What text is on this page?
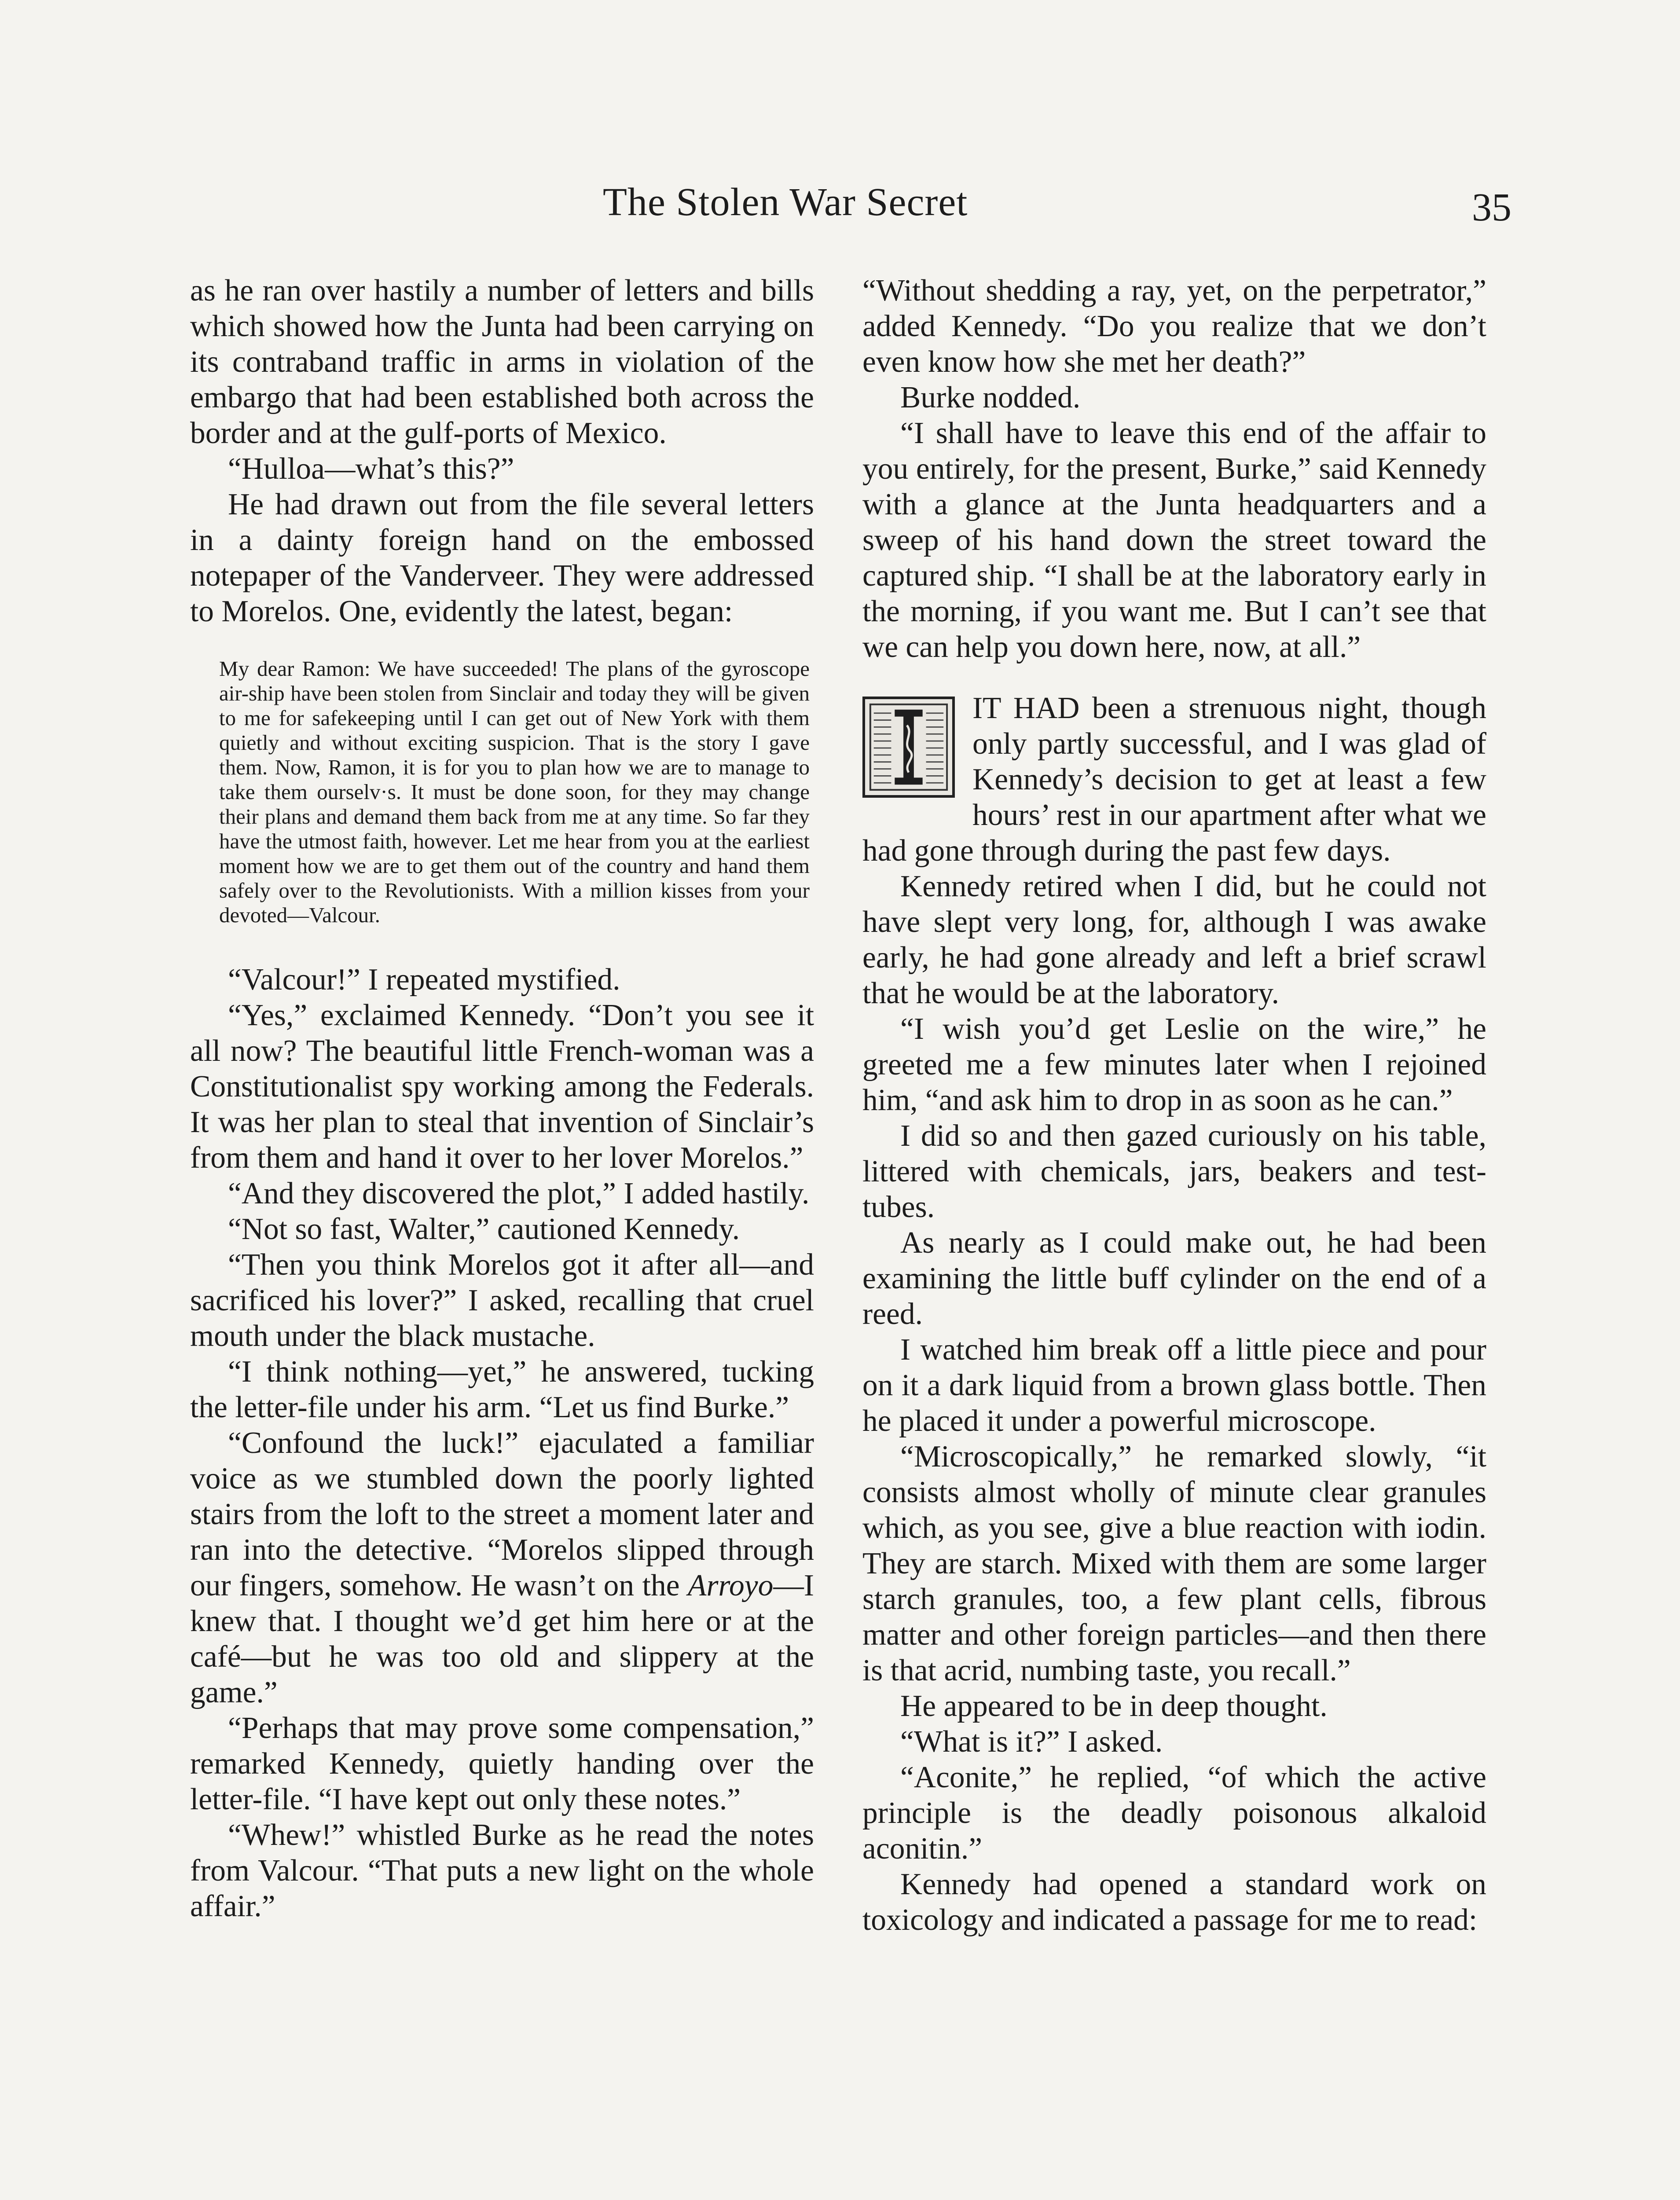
The Stolen War Secret	35

as he ran over hastily a number of letters and bills which showed how the Junta had been carrying on its contraband traffic in arms in violation of the embargo that had been established both across the border and at the gulf-ports of Mexico.

“Hulloa—what’s this?”

He had drawn out from the file several letters in a dainty foreign hand on the embossed notepaper of the Vanderveer. They were addressed to Morelos. One, evidently the latest, began:

My dear Ramon: We have succeeded! The plans of the gyroscope air-ship have been stolen from Sinclair and today they will be given to me for safekeeping until I can get out of New York with them quietly and without exciting suspicion. That is the story I gave them. Now, Ramon, it is for you to plan how we are to manage to take them ourselv·s. It must be done soon, for they may change their plans and demand them back from me at any time. So far they have the utmost faith, however. Let me hear from you at the earliest moment how we are to get them out of the country and hand them safely over to the Revolutionists. With a million kisses from your devoted—Valcour.

“Valcour!” I repeated mystified.

“Yes,” exclaimed Kennedy. “Don’t you see it all now? The beautiful little French-woman was a Constitutionalist spy working among the Federals. It was her plan to steal that invention of Sinclair’s from them and hand it over to her lover Morelos.”

“And they discovered the plot,” I added hastily.

“Not so fast, Walter,” cautioned Kennedy.

“Then you think Morelos got it after all—and sacrificed his lover?” I asked, recalling that cruel mouth under the black mustache.

“I think nothing—yet,” he answered, tucking the letter-file under his arm. “Let us find Burke.”

“Confound the luck!” ejaculated a familiar voice as we stumbled down the poorly lighted stairs from the loft to the street a moment later and ran into the detective. “Morelos slipped through our fingers, somehow. He wasn’t on the Arroyo—I knew that. I thought we’d get him here or at the café—but he was too old and slippery at the game.”

“Perhaps that may prove some compensation,” remarked Kennedy, quietly handing over the letter-file. “I have kept out only these notes.”

“Whew!” whistled Burke as he read the notes from Valcour. “That puts a new light on the whole affair.”

“Without shedding a ray, yet, on the perpetrator,” added Kennedy. “Do you realize that we don’t even know how she met her death?”

Burke nodded.

“I shall have to leave this end of the affair to you entirely, for the present, Burke,” said Kennedy with a glance at the Junta headquarters and a sweep of his hand down the street toward the captured ship. “I shall be at the laboratory early in the morning, if you want me. But I can’t see that we can help you down here, now, at all.”

IT HAD been a strenuous night, though only partly successful, and I was glad of Kennedy’s decision to get at least a few hours’ rest in our apartment after what we had gone through during the past few days.

Kennedy retired when I did, but he could not have slept very long, for, although I was awake early, he had gone already and left a brief scrawl that he would be at the laboratory.

“I wish you’d get Leslie on the wire,” he greeted me a few minutes later when I rejoined him, “and ask him to drop in as soon as he can.”

I did so and then gazed curiously on his table, littered with chemicals, jars, beakers and test-tubes.

As nearly as I could make out, he had been examining the little buff cylinder on the end of a reed.

I watched him break off a little piece and pour on it a dark liquid from a brown glass bottle. Then he placed it under a powerful microscope.

“Microscopically,” he remarked slowly, “it consists almost wholly of minute clear granules which, as you see, give a blue reaction with iodin. They are starch. Mixed with them are some larger starch granules, too, a few plant cells, fibrous matter and other foreign particles—and then there is that acrid, numbing taste, you recall.”

He appeared to be in deep thought.

“What is it?” I asked.

“Aconite,” he replied, “of which the active principle is the deadly poisonous alkaloid aconitin.”

Kennedy had opened a standard work on toxicology and indicated a passage for me to read:
